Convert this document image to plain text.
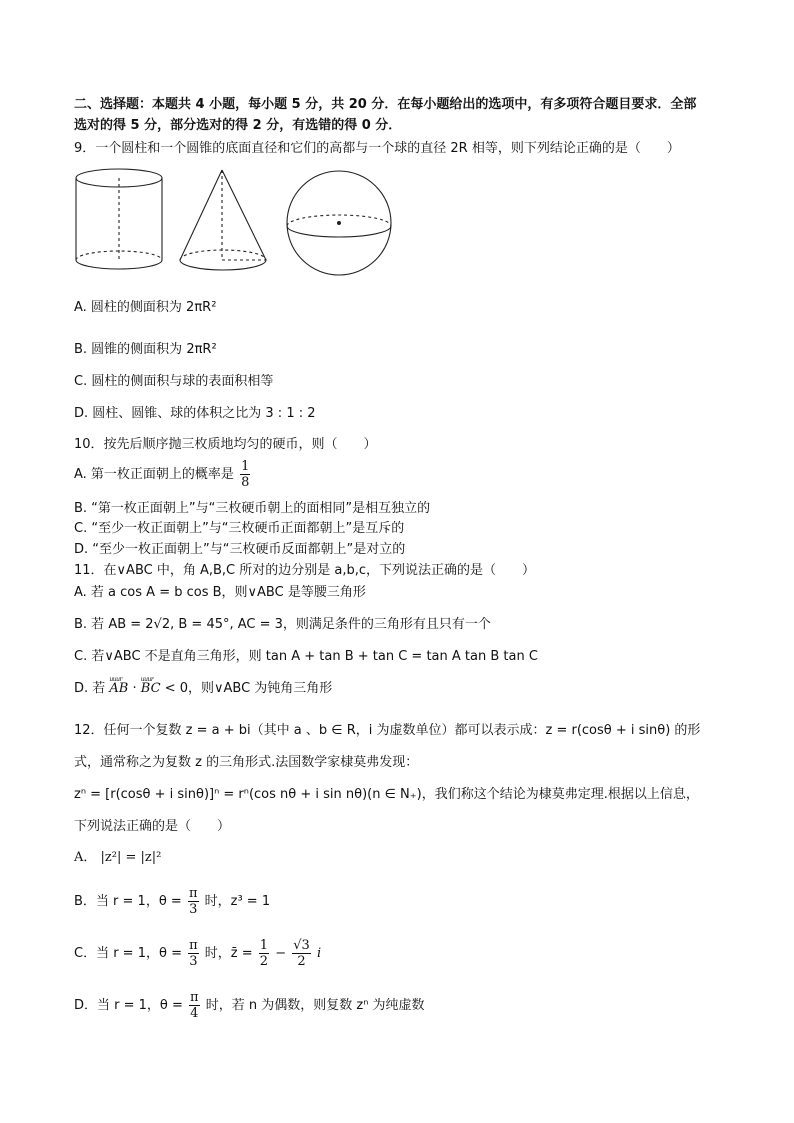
二、选择题：本题共 4 小题，每小题 5 分，共 20 分．在每小题给出的选项中，有多项符合题目要求．全部
选对的得 5 分，部分选对的得 2 分，有选错的得 0 分．
9．一个圆柱和一个圆锥的底面直径和它们的高都与一个球的直径 2R 相等，则下列结论正确的是（　　）
A. 圆柱的侧面积为 2πR²
B. 圆锥的侧面积为 2πR²
C. 圆柱的侧面积与球的表面积相等
D. 圆柱、圆锥、球的体积之比为 3 : 1 : 2
10．按先后顺序抛三枚质地均匀的硬币，则（　　）
A. 第一枚正面朝上的概率是 $\frac{1}{8}$
B. “第一枚正面朝上”与“三枚硬币朝上的面相同”是相互独立的
C. “至少一枚正面朝上”与“三枚硬币正面都朝上”是互斥的
D. “至少一枚正面朝上”与“三枚硬币反面都朝上”是对立的
11．在∨ABC 中，角 A,B,C 所对的边分别是 a,b,c，下列说法正确的是（　　）
A. 若 a cos A = b cos B，则∨ABC 是等腰三角形
B. 若 AB = 2√2, B = 45°, AC = 3，则满足条件的三角形有且只有一个
C. 若∨ABC 不是直角三角形，则 tan A + tan B + tan C = tan A tan B tan C
D. 若 uuur AB · uuur BC < 0，则∨ABC 为钝角三角形
12．任何一个复数 z = a + bi（其中 a 、b ∈ R，i 为虚数单位）都可以表示成：z = r(cosθ + i sinθ) 的形
式，通常称之为复数 z 的三角形式.法国数学家棣莫弗发现：
zⁿ = [r(cosθ + i sinθ)]ⁿ = rⁿ(cos nθ + i sin nθ)(n ∈ N₊)，我们称这个结论为棣莫弗定理.根据以上信息，
下列说法正确的是（　　）
A． |z²| = |z|²
B．当 r = 1，$\theta = \frac{\pi}{3}$ 时，z³ = 1
C．当 r = 1，$\theta = \frac{\pi}{3}$ 时，z̄ = $\frac{1}{2} - \frac{√3}{2}$ i
D．当 r = 1，$\theta = \frac{\pi}{4}$ 时，若 n 为偶数，则复数 zⁿ 为纯虚数
